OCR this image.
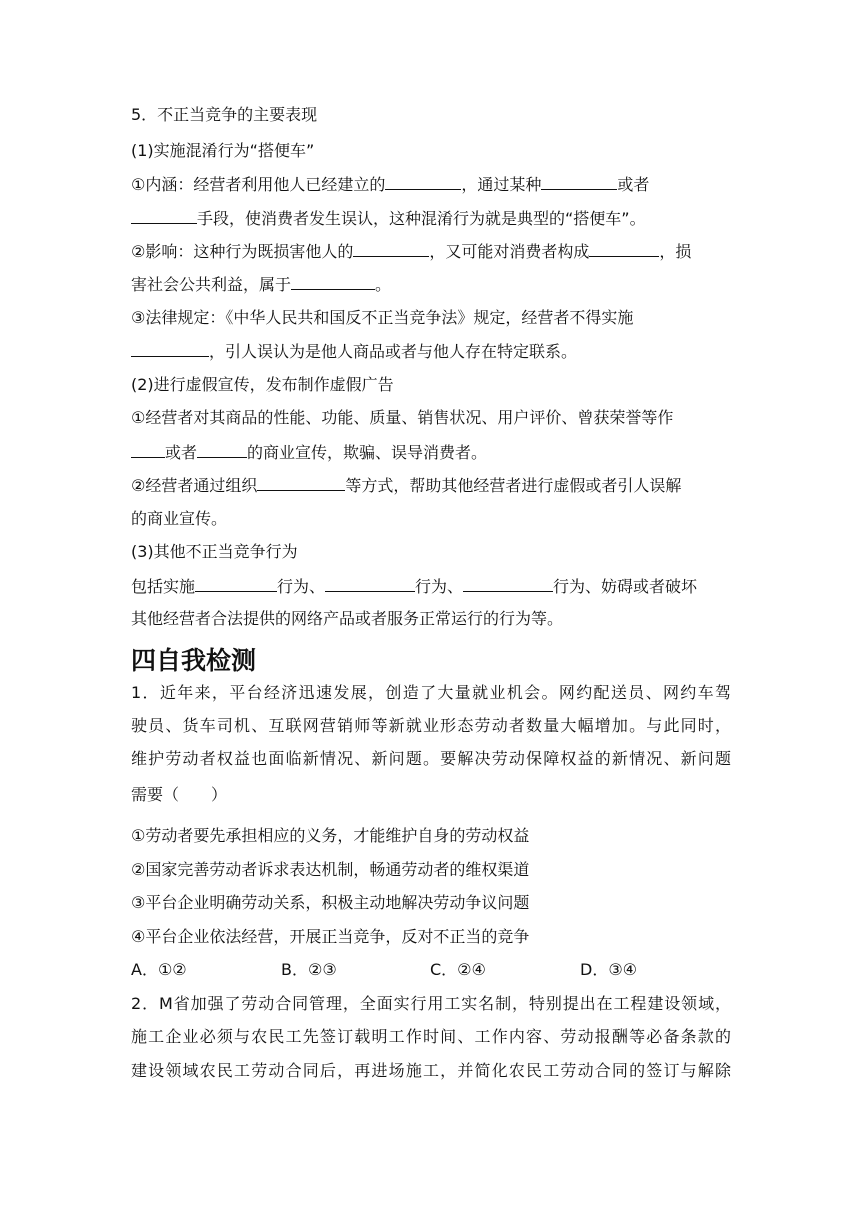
5．不正当竞争的主要表现
(1)实施混淆行为“搭便车”
①内涵：经营者利用他人已经建立的	，通过某种	或者
手段，使消费者发生误认，这种混淆行为就是典型的“搭便车”。
②影响：这种行为既损害他人的	，又可能对消费者构成	，损
害社会公共利益，属于	。
③法律规定：《中华人民共和国反不正当竞争法》规定，经营者不得实施
，引人误认为是他人商品或者与他人存在特定联系。
(2)进行虚假宣传，发布制作虚假广告
①经营者对其商品的性能、功能、质量、销售状况、用户评价、曾获荣誉等作
或者	的商业宣传，欺骗、误导消费者。
②经营者通过组织	等方式，帮助其他经营者进行虚假或者引人误解
的商业宣传。
(3)其他不正当竞争行为
包括实施	行为、	行为、	行为、妨碍或者破坏
其他经营者合法提供的网络产品或者服务正常运行的行为等。
四自我检测
1．近年来，平台经济迅速发展，创造了大量就业机会。网约配送员、网约车驾
驶员、货车司机、互联网营销师等新就业形态劳动者数量大幅增加。与此同时，
维护劳动者权益也面临新情况、新问题。要解决劳动保障权益的新情况、新问题
需要（　　）
①劳动者要先承担相应的义务，才能维护自身的劳动权益
②国家完善劳动者诉求表达机制，畅通劳动者的维权渠道
③平台企业明确劳动关系，积极主动地解决劳动争议问题
④平台企业依法经营，开展正当竞争，反对不正当的竞争
A．①②	B．②③	C．②④	D．③④
2．M省加强了劳动合同管理，全面实行用工实名制，特别提出在工程建设领域，
施工企业必须与农民工先签订载明工作时间、工作内容、劳动报酬等必备条款的
建设领域农民工劳动合同后，再进场施工，并简化农民工劳动合同的签订与解除
